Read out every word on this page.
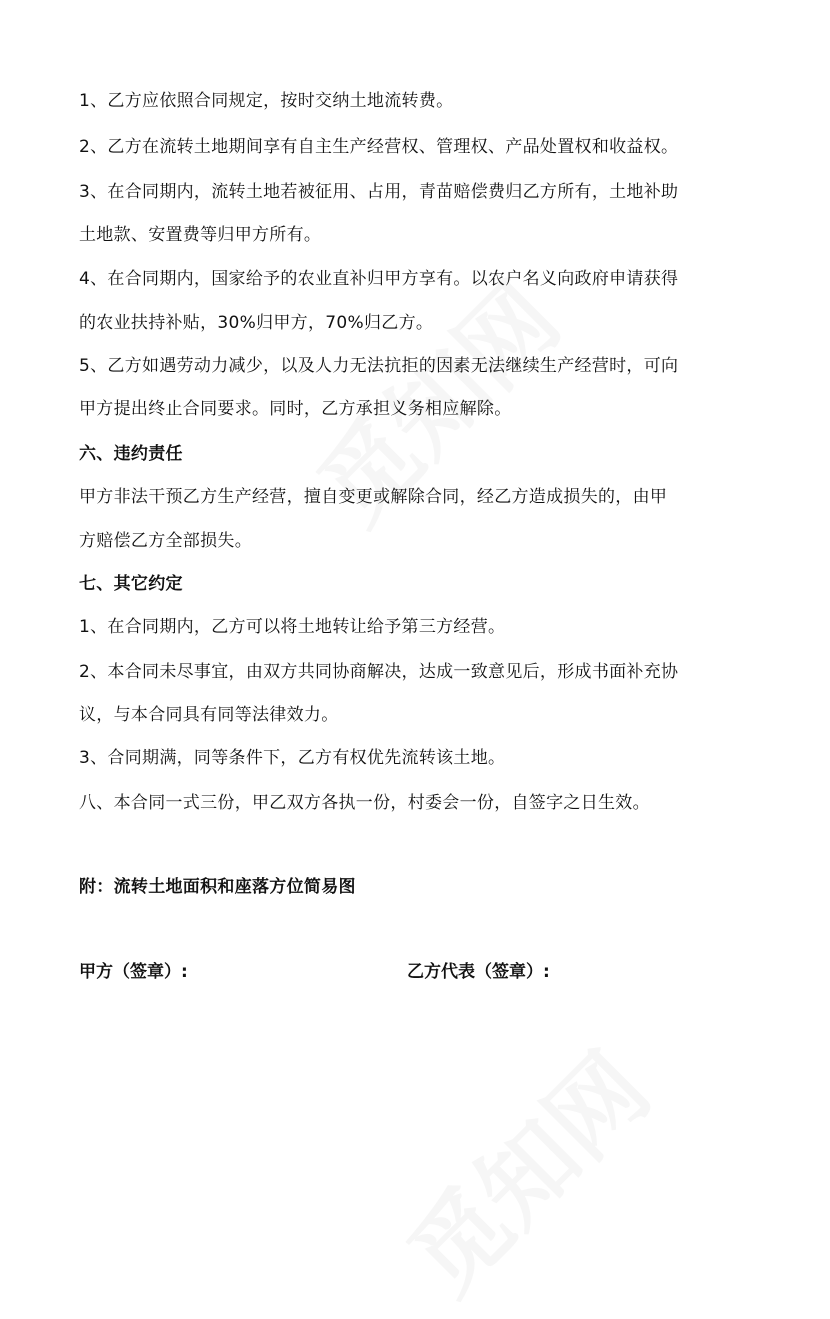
1、乙方应依照合同规定，按时交纳土地流转费。
2、乙方在流转土地期间享有自主生产经营权、管理权、产品处置权和收益权。
3、在合同期内，流转土地若被征用、占用，青苗赔偿费归乙方所有，土地补助
土地款、安置费等归甲方所有。
4、在合同期内，国家给予的农业直补归甲方享有。以农户名义向政府申请获得
的农业扶持补贴，30%归甲方，70%归乙方。
5、乙方如遇劳动力减少，以及人力无法抗拒的因素无法继续生产经营时，可向
甲方提出终止合同要求。同时，乙方承担义务相应解除。
六、违约责任
甲方非法干预乙方生产经营，擅自变更或解除合同，经乙方造成损失的，由甲
方赔偿乙方全部损失。
七、其它约定
1、在合同期内，乙方可以将土地转让给予第三方经营。
2、本合同未尽事宜，由双方共同协商解决，达成一致意见后，形成书面补充协
议，与本合同具有同等法律效力。
3、合同期满，同等条件下，乙方有权优先流转该土地。
八、本合同一式三份，甲乙双方各执一份，村委会一份，自签字之日生效。
附：流转土地面积和座落方位简易图
甲方（签章）:	乙方代表（签章）:
